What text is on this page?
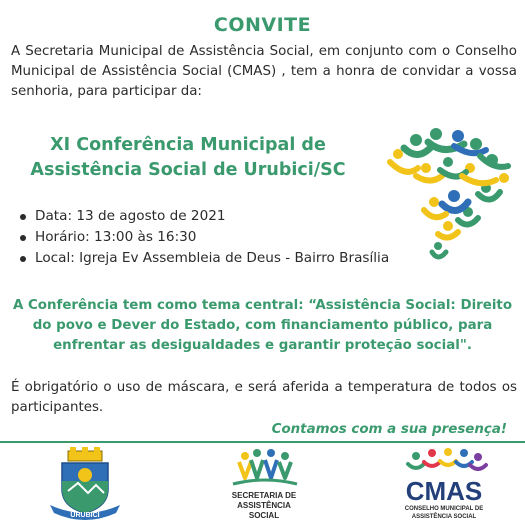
CONVITE
A Secretaria Municipal de Assistência Social, em conjunto com o Conselho Municipal de Assistência Social (CMAS) , tem a honra de convidar a vossa senhoria, para participar da:
XI Conferência Municipal de
Assistência Social de Urubici/SC
Data: 13 de agosto de 2021
Horário: 13:00 às 16:30
Local: Igreja Ev Assembleia de Deus - Bairro Brasília
A Conferência tem como tema central: “Assistência Social: Direito do povo e Dever do Estado, com financiamento público, para enfrentar as desigualdades e garantir proteção social".
É obrigatório o uso de máscara, e será aferida a temperatura de todos os participantes.
Contamos com a sua presença!
URUBICI
SECRETARIA DE
ASSISTÊNCIA
SOCIAL
CMAS
CONSELHO MUNICIPAL DE
ASSISTÊNCIA SOCIAL
